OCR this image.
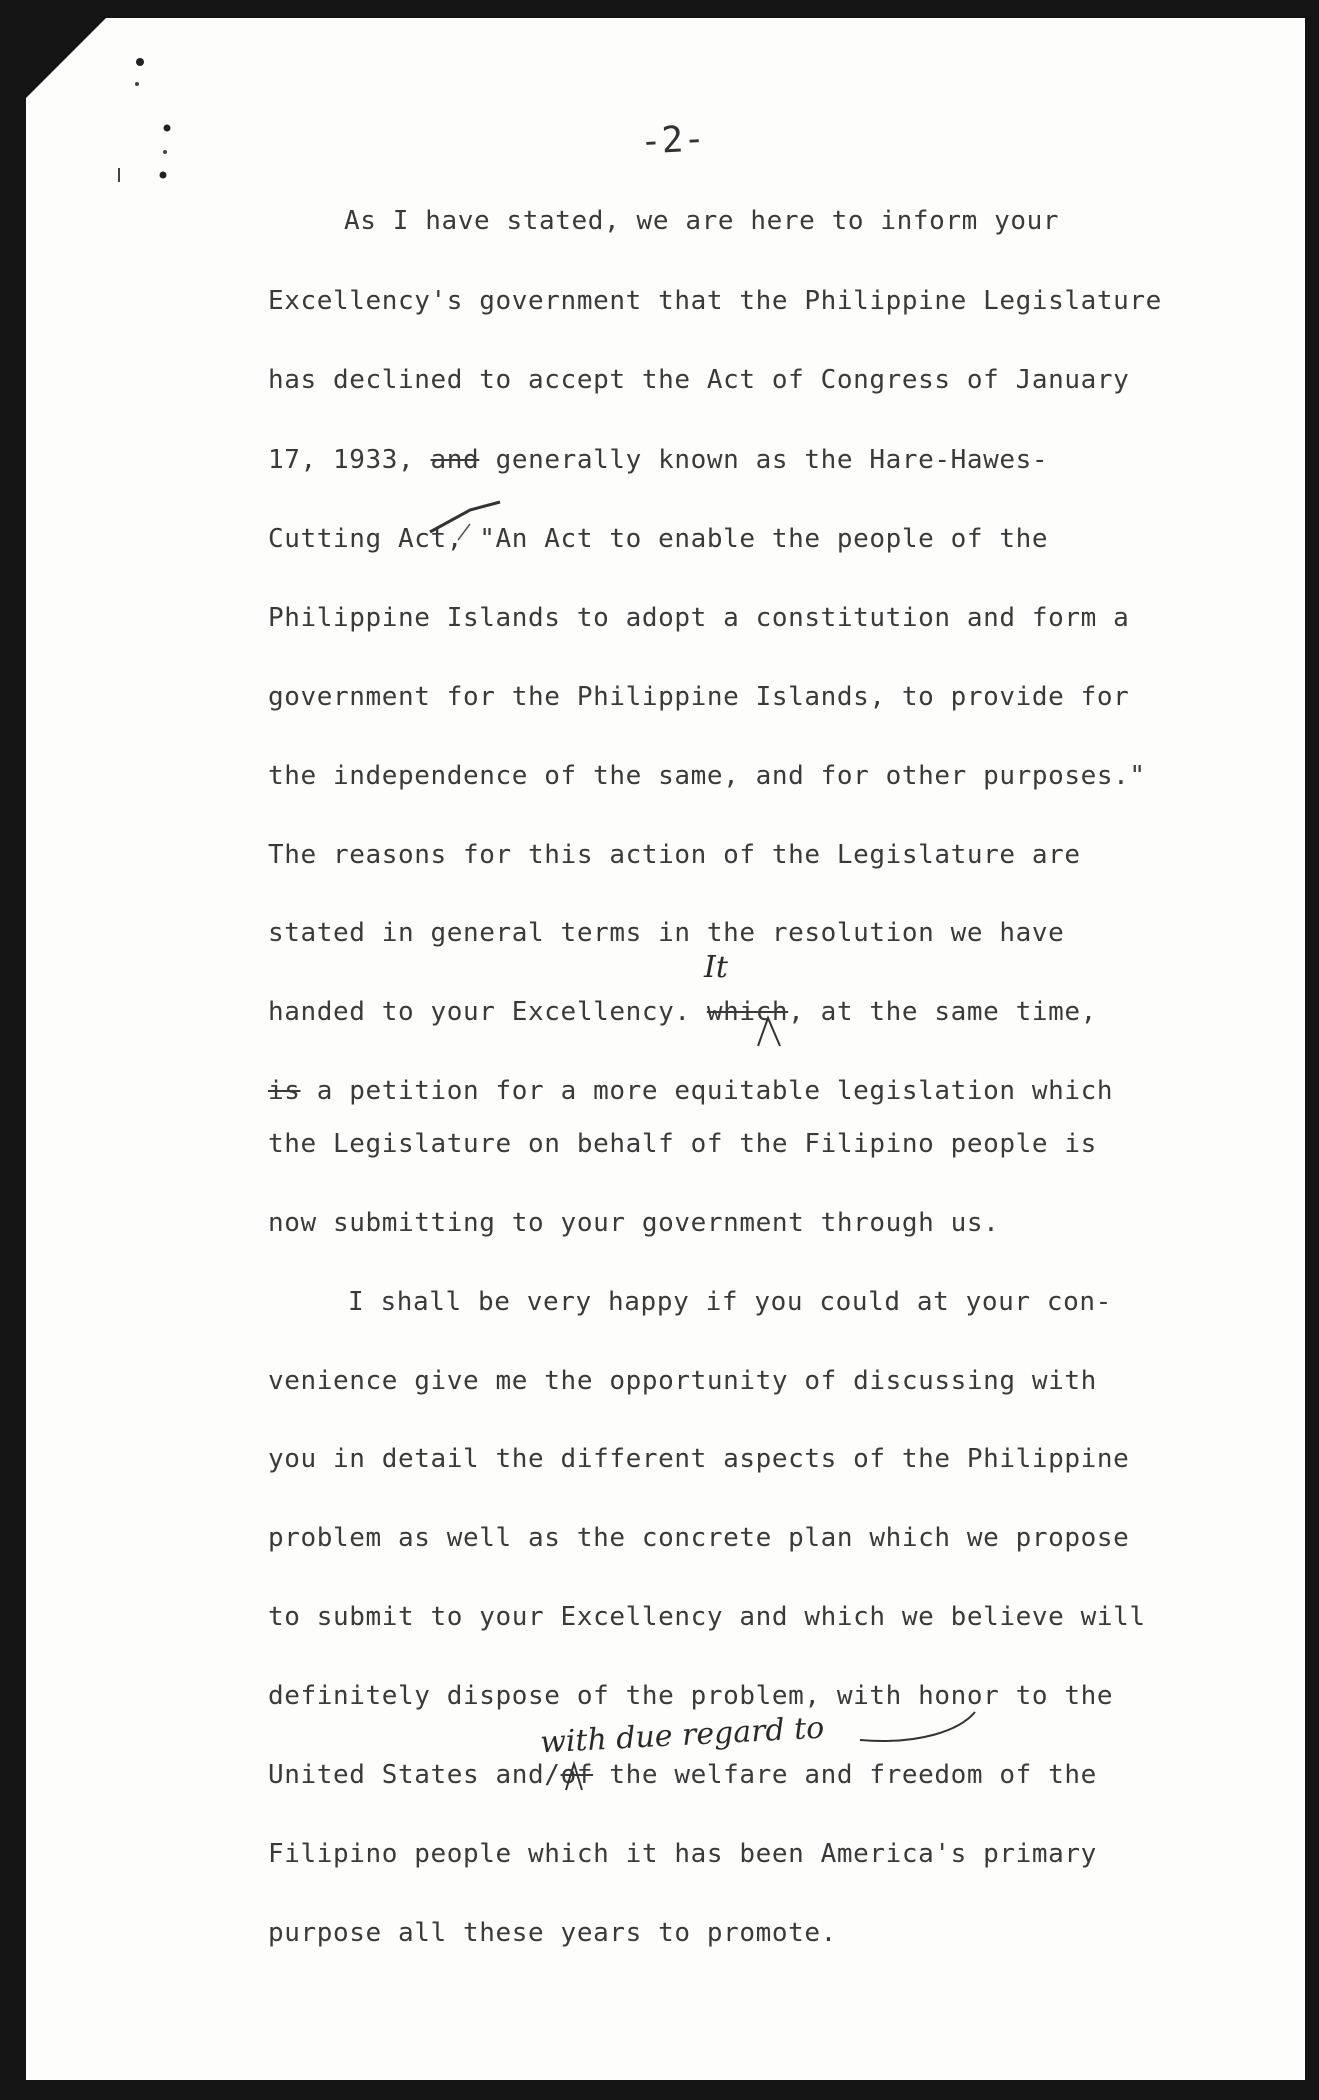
-2-
As I have stated, we are here to inform your
Excellency's government that the Philippine Legislature
has declined to accept the Act of Congress of January
17, 1933, and generally known as the Hare-Hawes-
Cutting Act, "An Act to enable the people of the
Philippine Islands to adopt a constitution and form a
government for the Philippine Islands, to provide for
the independence of the same, and for other purposes."
The reasons for this action of the Legislature are
stated in general terms in the resolution we have
handed to your Excellency. which, at the same time,
is a petition for a more equitable legislation which
the Legislature on behalf of the Filipino people is
now submitting to your government through us.
I shall be very happy if you could at your con-
venience give me the opportunity of discussing with
you in detail the different aspects of the Philippine
problem as well as the concrete plan which we propose
to submit to your Excellency and which we believe will
definitely dispose of the problem, with honor to the
United States and/of the welfare and freedom of the
Filipino people which it has been America's primary
purpose all these years to promote.
It
with due regard to
